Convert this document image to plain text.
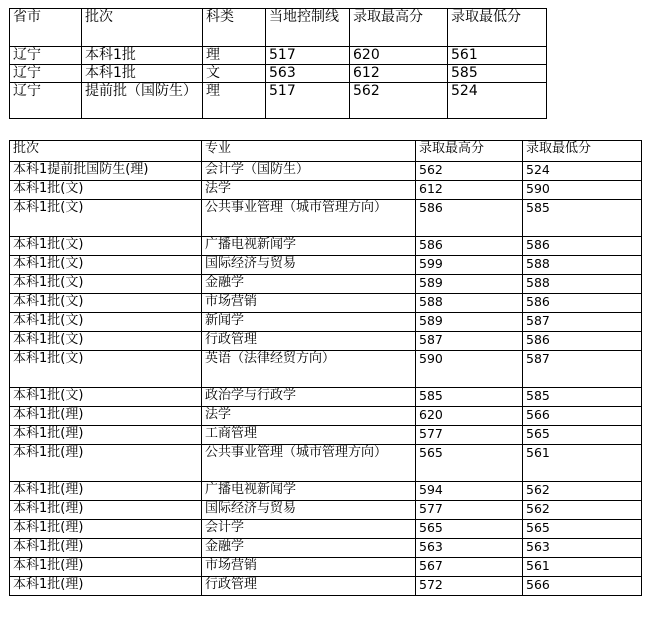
省市	批次	科类	当地控制线	录取最高分	录取最低分
辽宁	本科1批	理	517	620	561
辽宁	本科1批	文	563	612	585
辽宁	提前批（国防生）	理	517	562	524
批次	专业	录取最高分	录取最低分
本科1提前批国防生(理)	会计学（国防生）	562	524
本科1批(文)	法学	612	590
本科1批(文)	公共事业管理（城市管理方向）	586	585
本科1批(文)	广播电视新闻学	586	586
本科1批(文)	国际经济与贸易	599	588
本科1批(文)	金融学	589	588
本科1批(文)	市场营销	588	586
本科1批(文)	新闻学	589	587
本科1批(文)	行政管理	587	586
本科1批(文)	英语（法律经贸方向）	590	587
本科1批(文)	政治学与行政学	585	585
本科1批(理)	法学	620	566
本科1批(理)	工商管理	577	565
本科1批(理)	公共事业管理（城市管理方向）	565	561
本科1批(理)	广播电视新闻学	594	562
本科1批(理)	国际经济与贸易	577	562
本科1批(理)	会计学	565	565
本科1批(理)	金融学	563	563
本科1批(理)	市场营销	567	561
本科1批(理)	行政管理	572	566
